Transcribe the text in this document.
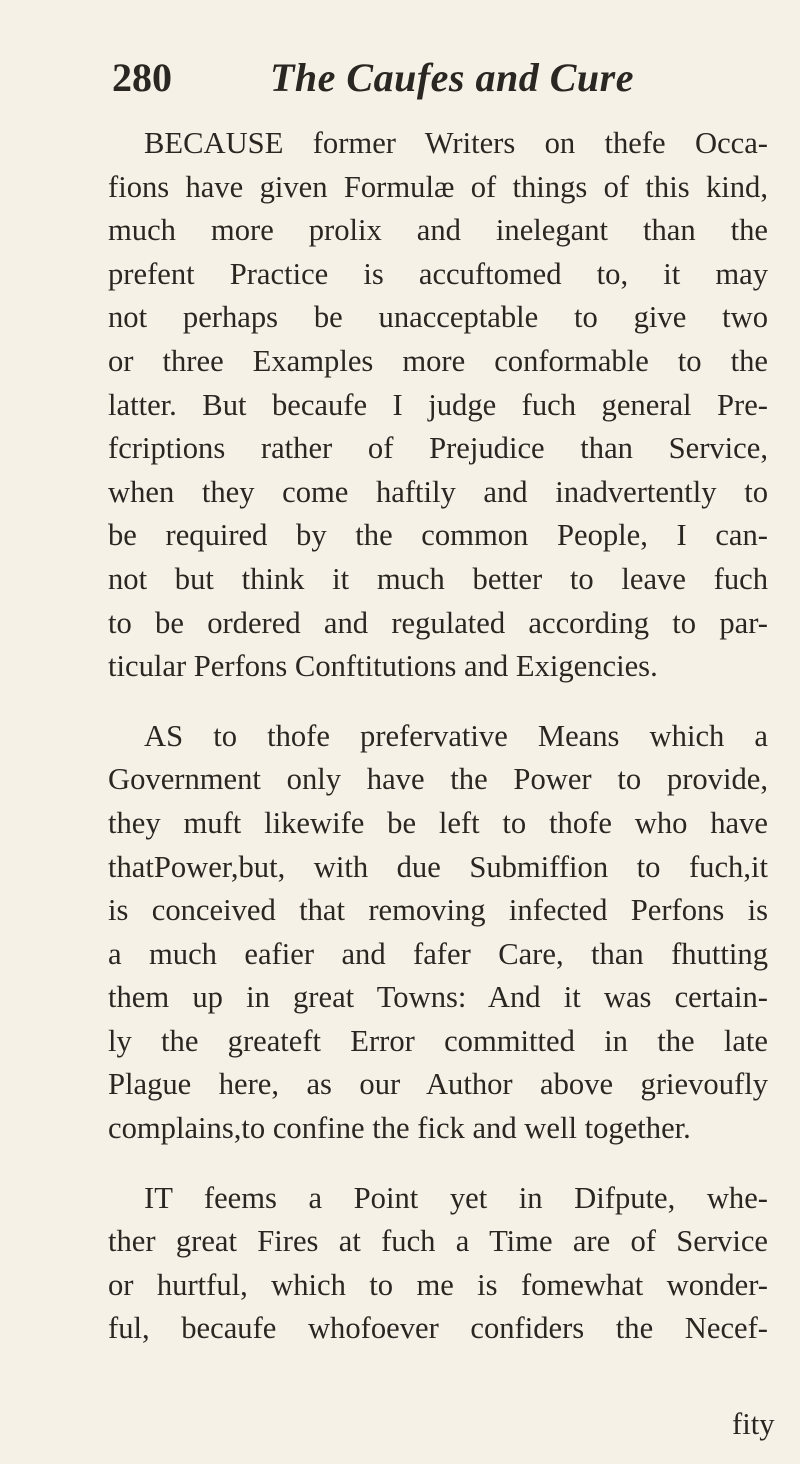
280 The Caufes and Cure
BECAUSE former Writers on thefe Occa-
fions have given Formulæ of things of this kind,
much more prolix and inelegant than the
prefent Practice is accuftomed to, it may
not perhaps be unacceptable to give two
or three Examples more conformable to the
latter. But becaufe I judge fuch general Pre-
fcriptions rather of Prejudice than Service,
when they come haftily and inadvertently to
be required by the common People, I can-
not but think it much better to leave fuch
to be ordered and regulated according to par-
ticular Perfons Conftitutions and Exigencies.
AS to thofe prefervative Means which a
Government only have the Power to provide,
they muft likewife be left to thofe who have
thatPower,but, with due Submiffion to fuch,it
is conceived that removing infected Perfons is
a much eafier and fafer Care, than fhutting
them up in great Towns: And it was certain-
ly the greateft Error committed in the late
Plague here, as our Author above grievoufly
complains,to confine the fick and well together.
IT feems a Point yet in Difpute, whe-
ther great Fires at fuch a Time are of Service
or hurtful, which to me is fomewhat wonder-
ful, becaufe whofoever confiders the Necef-
fity
